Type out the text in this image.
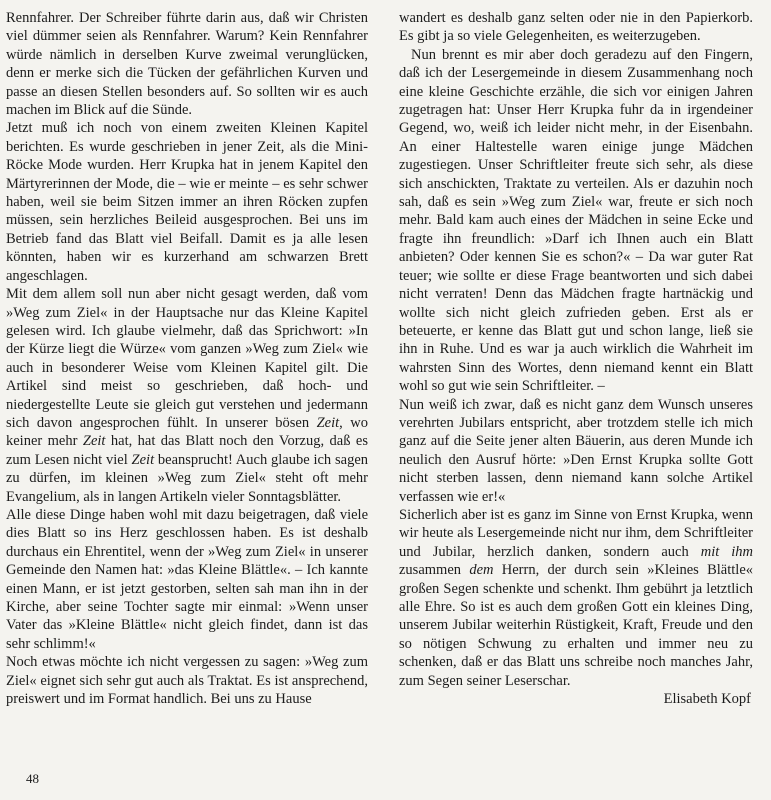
Rennfahrer. Der Schreiber führte darin aus, daß wir Christen viel dümmer seien als Rennfahrer. Warum? Kein Rennfahrer würde nämlich in derselben Kurve zweimal verunglücken, denn er merke sich die Tücken der gefährlichen Kurven und passe an diesen Stellen besonders auf. So sollten wir es auch machen im Blick auf die Sünde.

Jetzt muß ich noch von einem zweiten Kleinen Kapitel berichten. Es wurde geschrieben in jener Zeit, als die Mini-Röcke Mode wurden. Herr Krupka hat in jenem Kapitel den Märtyrerinnen der Mode, die – wie er meinte – es sehr schwer haben, weil sie beim Sitzen immer an ihren Röcken zupfen müssen, sein herzliches Beileid ausgesprochen. Bei uns im Betrieb fand das Blatt viel Beifall. Damit es ja alle lesen könnten, haben wir es kurzerhand am schwarzen Brett angeschlagen.

Mit dem allem soll nun aber nicht gesagt werden, daß vom »Weg zum Ziel« in der Hauptsache nur das Kleine Kapitel gelesen wird. Ich glaube vielmehr, daß das Sprichwort: »In der Kürze liegt die Würze« vom ganzen »Weg zum Ziel« wie auch in besonderer Weise vom Kleinen Kapitel gilt. Die Artikel sind meist so geschrieben, daß hoch- und niedergestellte Leute sie gleich gut verstehen und jedermann sich davon angesprochen fühlt. In unserer bösen Zeit, wo keiner mehr Zeit hat, hat das Blatt noch den Vorzug, daß es zum Lesen nicht viel Zeit beansprucht! Auch glaube ich sagen zu dürfen, im kleinen »Weg zum Ziel« steht oft mehr Evangelium, als in langen Artikeln vieler Sonntagsblätter.

Alle diese Dinge haben wohl mit dazu beigetragen, daß viele dies Blatt so ins Herz geschlossen haben. Es ist deshalb durchaus ein Ehrentitel, wenn der »Weg zum Ziel« in unserer Gemeinde den Namen hat: »das Kleine Blättle«. – Ich kannte einen Mann, er ist jetzt gestorben, selten sah man ihn in der Kirche, aber seine Tochter sagte mir einmal: »Wenn unser Vater das »Kleine Blättle« nicht gleich findet, dann ist das sehr schlimm!«

Noch etwas möchte ich nicht vergessen zu sagen: »Weg zum Ziel« eignet sich sehr gut auch als Traktat. Es ist ansprechend, preiswert und im Format handlich. Bei uns zu Hause

wandert es deshalb ganz selten oder nie in den Papierkorb. Es gibt ja so viele Gelegenheiten, es weiterzugeben.

Nun brennt es mir aber doch geradezu auf den Fingern, daß ich der Lesergemeinde in diesem Zusammenhang noch eine kleine Geschichte erzähle, die sich vor einigen Jahren zugetragen hat: Unser Herr Krupka fuhr da in irgendeiner Gegend, wo, weiß ich leider nicht mehr, in der Eisenbahn. An einer Haltestelle waren einige junge Mädchen zugestiegen. Unser Schriftleiter freute sich sehr, als diese sich anschickten, Traktate zu verteilen. Als er dazuhin noch sah, daß es sein »Weg zum Ziel« war, freute er sich noch mehr. Bald kam auch eines der Mädchen in seine Ecke und fragte ihn freundlich: »Darf ich Ihnen auch ein Blatt anbieten? Oder kennen Sie es schon?« – Da war guter Rat teuer; wie sollte er diese Frage beantworten und sich dabei nicht verraten! Denn das Mädchen fragte hartnäckig und wollte sich nicht gleich zufrieden geben. Erst als er beteuerte, er kenne das Blatt gut und schon lange, ließ sie ihn in Ruhe. Und es war ja auch wirklich die Wahrheit im wahrsten Sinn des Wortes, denn niemand kennt ein Blatt wohl so gut wie sein Schriftleiter. –

Nun weiß ich zwar, daß es nicht ganz dem Wunsch unseres verehrten Jubilars entspricht, aber trotzdem stelle ich mich ganz auf die Seite jener alten Bäuerin, aus deren Munde ich neulich den Ausruf hörte: »Den Ernst Krupka sollte Gott nicht sterben lassen, denn niemand kann solche Artikel verfassen wie er!«

Sicherlich aber ist es ganz im Sinne von Ernst Krupka, wenn wir heute als Lesergemeinde nicht nur ihm, dem Schriftleiter und Jubilar, herzlich danken, sondern auch mit ihm zusammen dem Herrn, der durch sein »Kleines Blättle« großen Segen schenkte und schenkt. Ihm gebührt ja letztlich alle Ehre. So ist es auch dem großen Gott ein kleines Ding, unserem Jubilar weiterhin Rüstigkeit, Kraft, Freude und den so nötigen Schwung zu erhalten und immer neu zu schenken, daß er das Blatt uns schreibe noch manches Jahr, zum Segen seiner Leserschar.

Elisabeth Kopf

48
